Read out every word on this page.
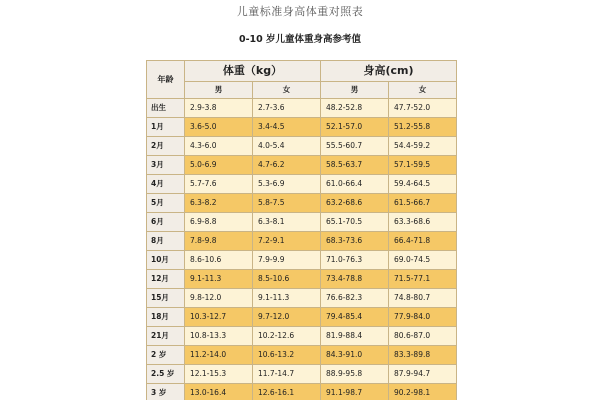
儿童标准身高体重对照表
0-10 岁儿童体重身高参考值
年龄	体重（kg）		身高(cm)	
	男	女	男	女
出生	2.9-3.8	2.7-3.6	48.2-52.8	47.7-52.0
1月	3.6-5.0	3.4-4.5	52.1-57.0	51.2-55.8
2月	4.3-6.0	4.0-5.4	55.5-60.7	54.4-59.2
3月	5.0-6.9	4.7-6.2	58.5-63.7	57.1-59.5
4月	5.7-7.6	5.3-6.9	61.0-66.4	59.4-64.5
5月	6.3-8.2	5.8-7.5	63.2-68.6	61.5-66.7
6月	6.9-8.8	6.3-8.1	65.1-70.5	63.3-68.6
8月	7.8-9.8	7.2-9.1	68.3-73.6	66.4-71.8
10月	8.6-10.6	7.9-9.9	71.0-76.3	69.0-74.5
12月	9.1-11.3	8.5-10.6	73.4-78.8	71.5-77.1
15月	9.8-12.0	9.1-11.3	76.6-82.3	74.8-80.7
18月	10.3-12.7	9.7-12.0	79.4-85.4	77.9-84.0
21月	10.8-13.3	10.2-12.6	81.9-88.4	80.6-87.0
2 岁	11.2-14.0	10.6-13.2	84.3-91.0	83.3-89.8
2.5 岁	12.1-15.3	11.7-14.7	88.9-95.8	87.9-94.7
3 岁	13.0-16.4	12.6-16.1	91.1-98.7	90.2-98.1
